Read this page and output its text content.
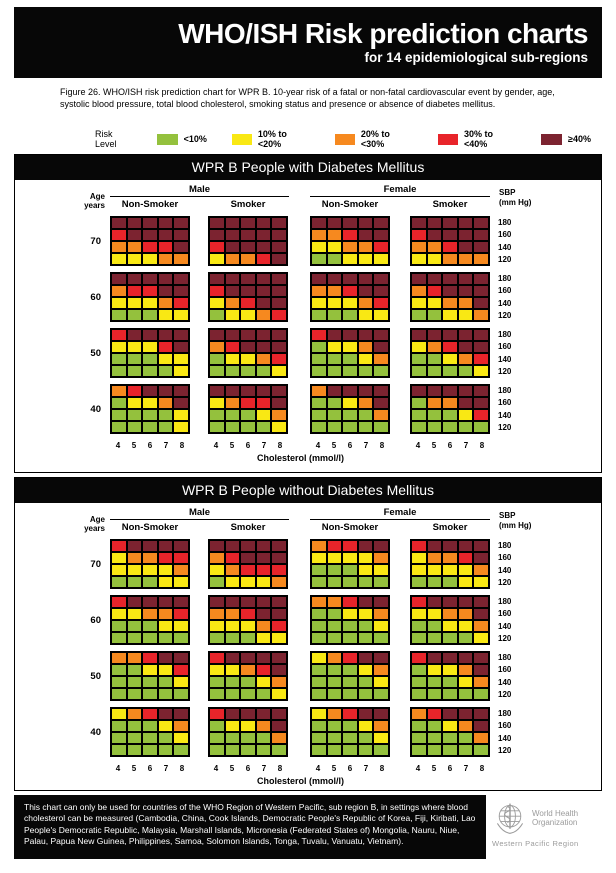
WHO/ISH Risk prediction charts
for 14 epidemiological sub-regions
Figure 26. WHO/ISH risk prediction chart for WPR B. 10-year risk of a fatal or non-fatal cardiovascular event by gender, age, systolic blood pressure, total blood cholesterol, smoking status and presence or absence of diabetes mellitus.
Risk Level	<10%	10% to <20%
20% to <30%
30% to <40%	≥40%
WPR B People with Diabetes Mellitus
Age
years
Male	Female
Non-Smoker	Smoker	Non-Smoker	Smoker
SBP
(mm Hg)
70
180
160
140
120
60
180
160
140
120
50
180
160
140
120
40
180
160
140
120
4	5	6	7	8	4	5	6	7	8	4	5	6	7	8	4	5	6	7	8
Cholesterol (mmol/l)
WPR B People without Diabetes Mellitus
Age
years
Male	Female
Non-Smoker	Smoker	Non-Smoker	Smoker
SBP
(mm Hg)
70
180
160
140
120
60
180
160
140
120
50
180
160
140
120
40
180
160
140
120
4	5	6	7	8	4	5	6	7	8	4	5	6	7	8	4	5	6	7	8
Cholesterol (mmol/l)
This chart can only be used for countries of the WHO Region of Western Pacific, sub region B, in settings where blood cholesterol can be measured (Cambodia, China, Cook Islands, Democratic People's Republic of Korea, Fiji, Kiribati, Lao People's Democratic Republic, Malaysia, Marshall Islands, Micronesia (Federated States of) Mongolia, Nauru, Niue, Palau, Papua New Guinea, Philippines, Samoa, Solomon Islands, Tonga, Tuvalu, Vanuatu, Vietnam).
World Health
Organization
Western Pacific Region
